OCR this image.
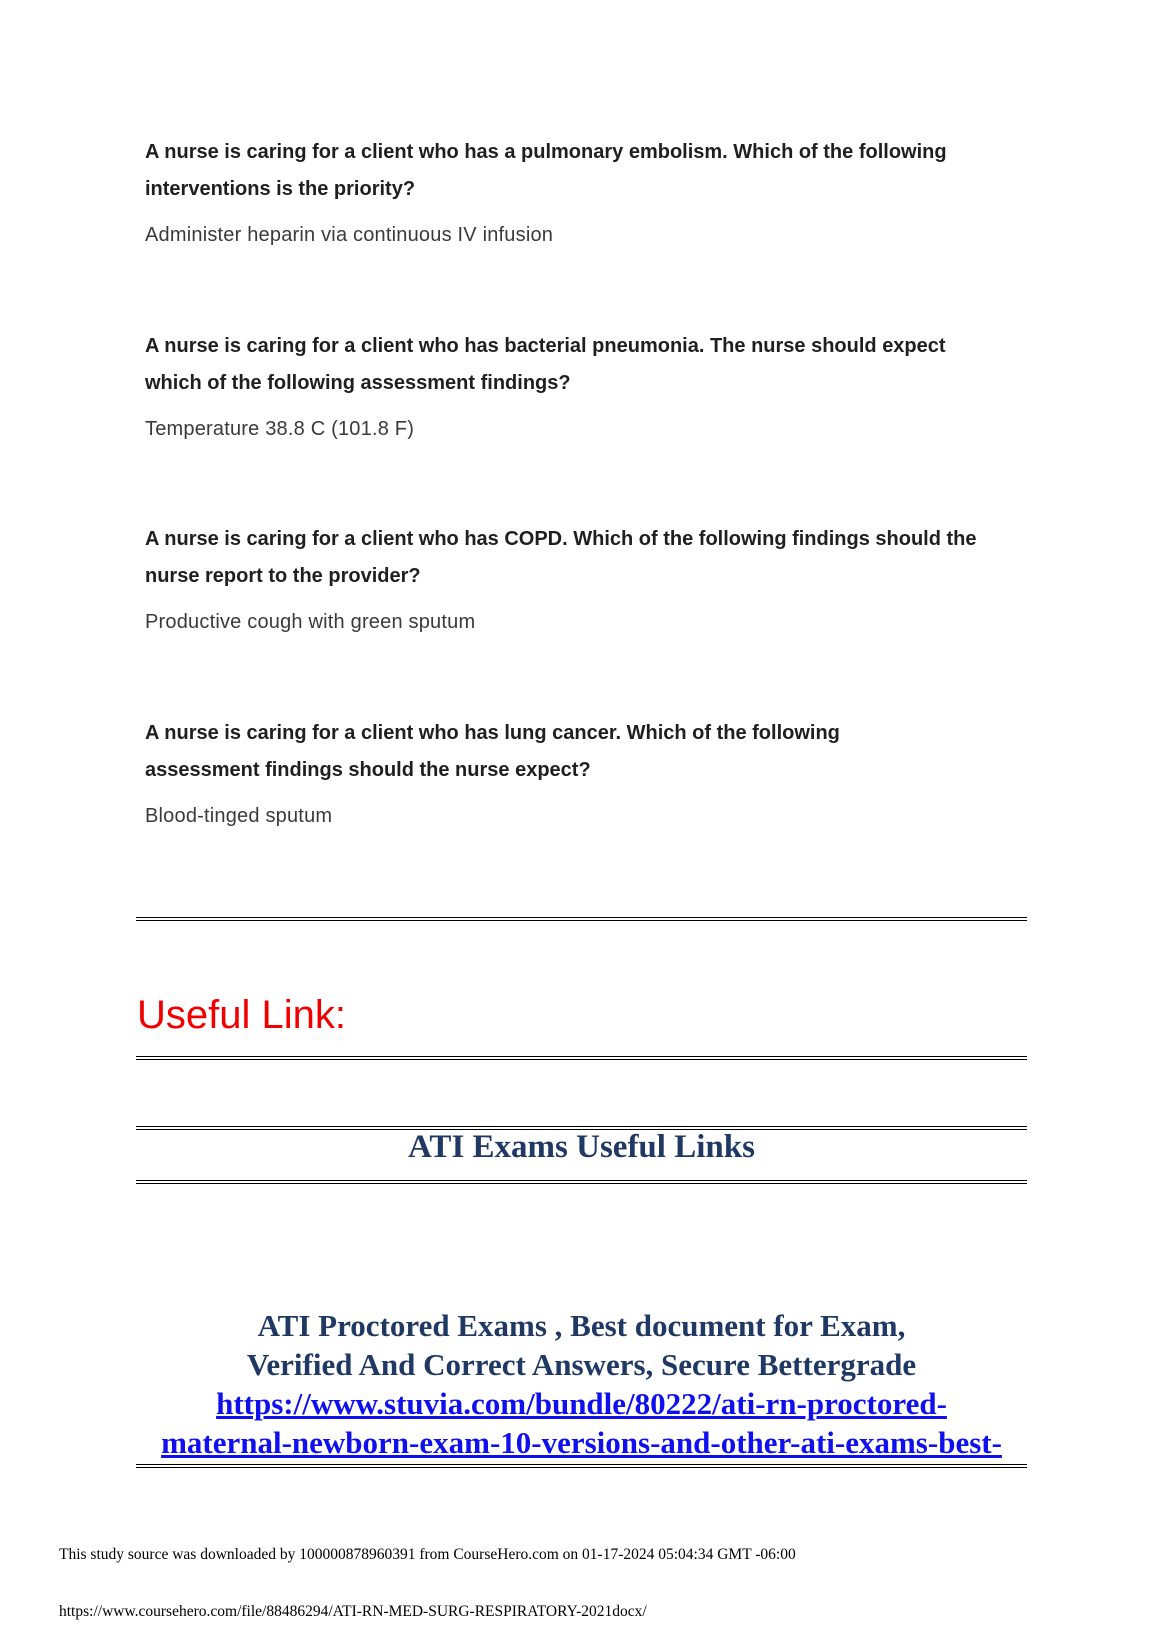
A nurse is caring for a client who has a pulmonary embolism. Which of the following
interventions is the priority?

Administer heparin via continuous IV infusion

A nurse is caring for a client who has bacterial pneumonia. The nurse should expect
which of the following assessment findings?

Temperature 38.8 C (101.8 F)

A nurse is caring for a client who has COPD. Which of the following findings should the
nurse report to the provider?

Productive cough with green sputum

A nurse is caring for a client who has lung cancer. Which of the following
assessment findings should the nurse expect?

Blood-tinged sputum

Useful Link:
ATI Exams Useful Links
ATI Proctored Exams , Best document for Exam,
Verified And Correct Answers, Secure Bettergrade
https://www.stuvia.com/bundle/80222/ati-rn-proctored-
maternal-newborn-exam-10-versions-and-other-ati-exams-best-

This study source was downloaded by 100000878960391 from CourseHero.com on 01-17-2024 05:04:34 GMT -06:00

https://www.coursehero.com/file/88486294/ATI-RN-MED-SURG-RESPIRATORY-2021docx/
